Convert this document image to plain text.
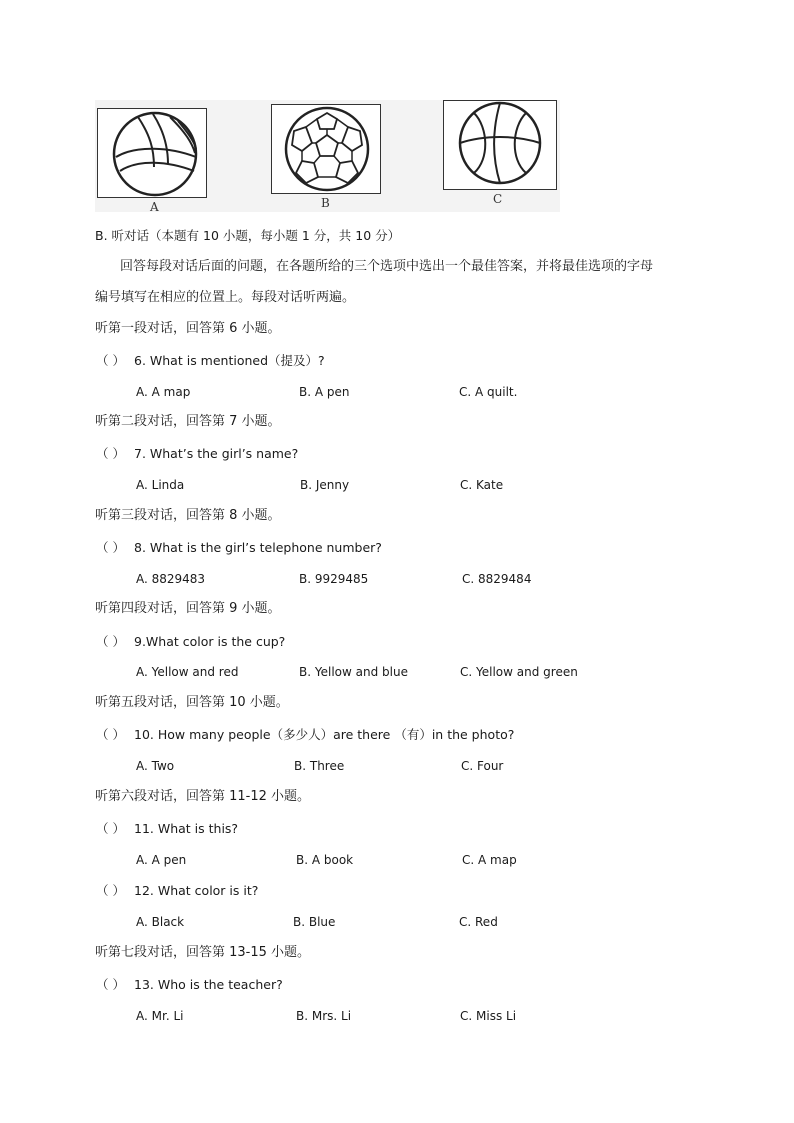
A	B	C
B. 听对话（本题有 10 小题，每小题 1 分，共 10 分）
回答每段对话后面的问题，在各题所给的三个选项中选出一个最佳答案，并将最佳选项的字母
编号填写在相应的位置上。每段对话听两遍。
听第一段对话，回答第 6 小题。
（ ） 6. What is mentioned（提及）?
A. A map	B. A pen	C. A quilt.
听第二段对话，回答第 7 小题。
（ ） 7. What’s the girl’s name?
A. Linda	B. Jenny	C. Kate
听第三段对话，回答第 8 小题。
（ ） 8. What is the girl’s telephone number?
A. 8829483	B. 9929485	C. 8829484
听第四段对话，回答第 9 小题。
（ ） 9.What color is the cup?
A. Yellow and red	B. Yellow and blue	C. Yellow and green
听第五段对话，回答第 10 小题。
（ ） 10. How many people（多少人）are there （有）in the photo?
A. Two	B. Three	C. Four
听第六段对话，回答第 11-12 小题。
（ ） 11. What is this?
A. A pen	B. A book	C. A map
（ ） 12. What color is it?
A. Black	B. Blue	C. Red
听第七段对话，回答第 13-15 小题。
（ ） 13. Who is the teacher?
A. Mr. Li	B. Mrs. Li	C. Miss Li
